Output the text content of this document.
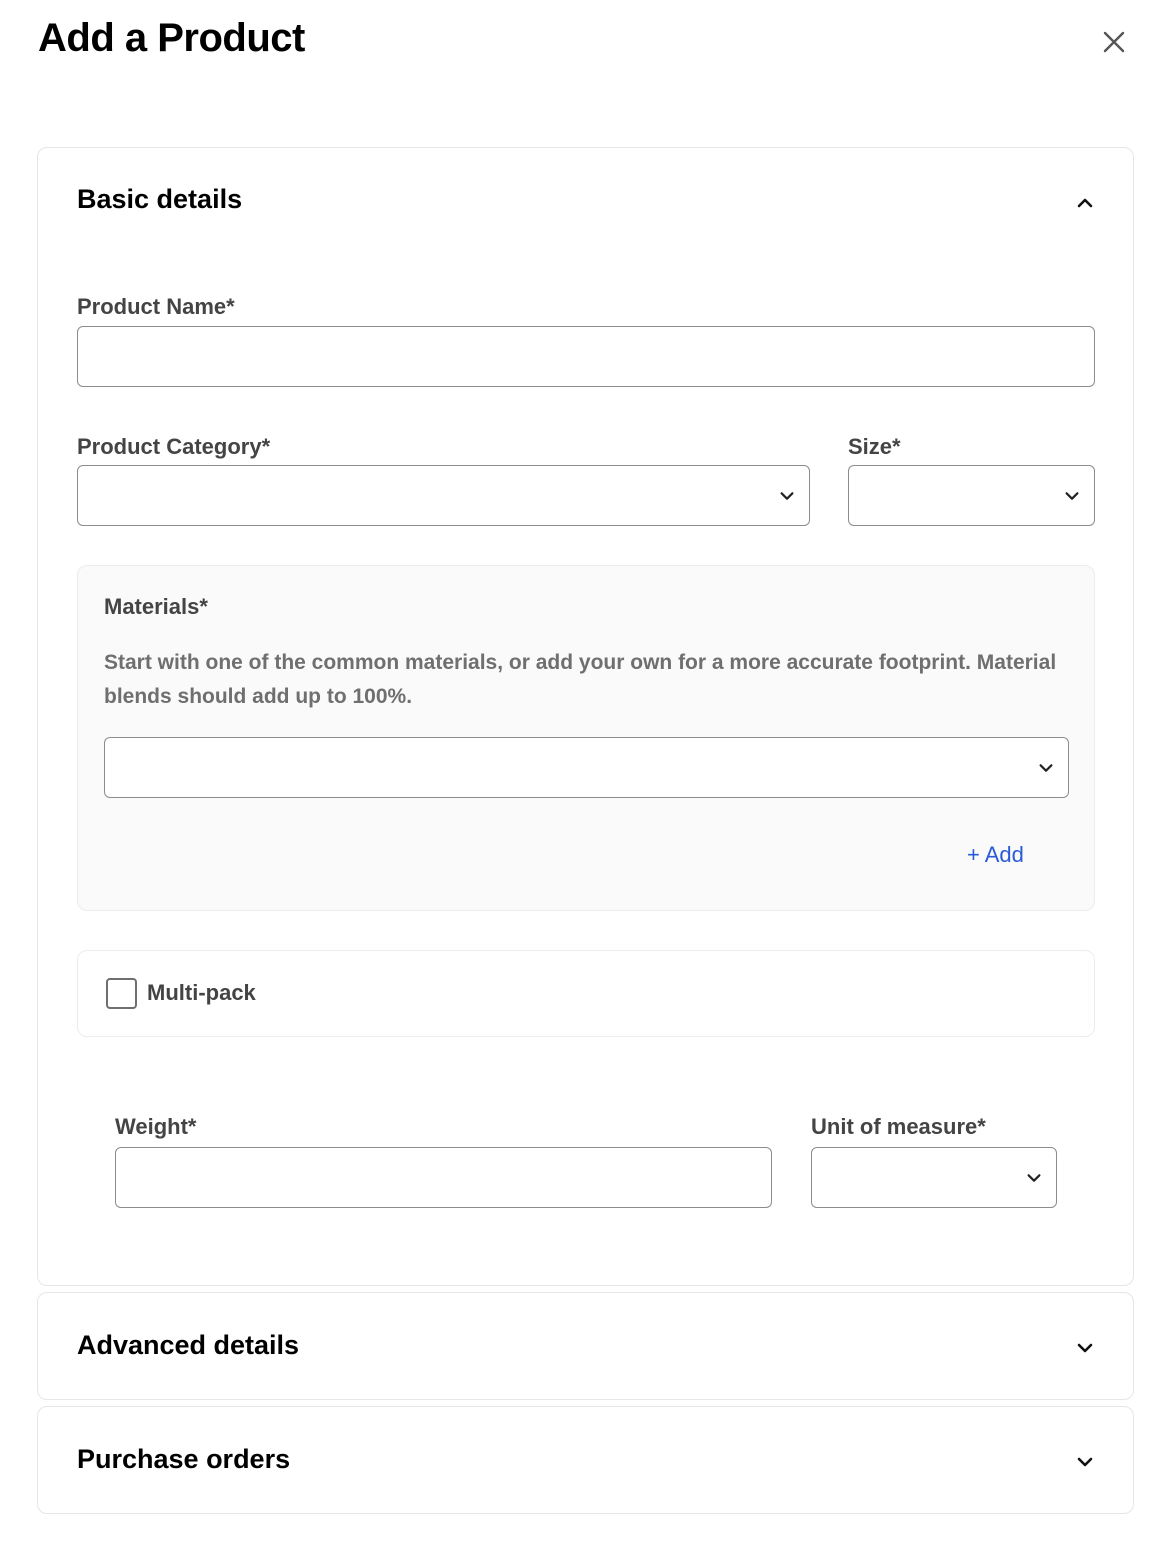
Add a Product
Basic details
Product Name*
Product Category*	Size*
Materials*
Start with one of the common materials, or add your own for a more accurate footprint. Material blends should add up to 100%.
+ Add
Multi-pack
Weight*	Unit of measure*
Advanced details
Purchase orders
